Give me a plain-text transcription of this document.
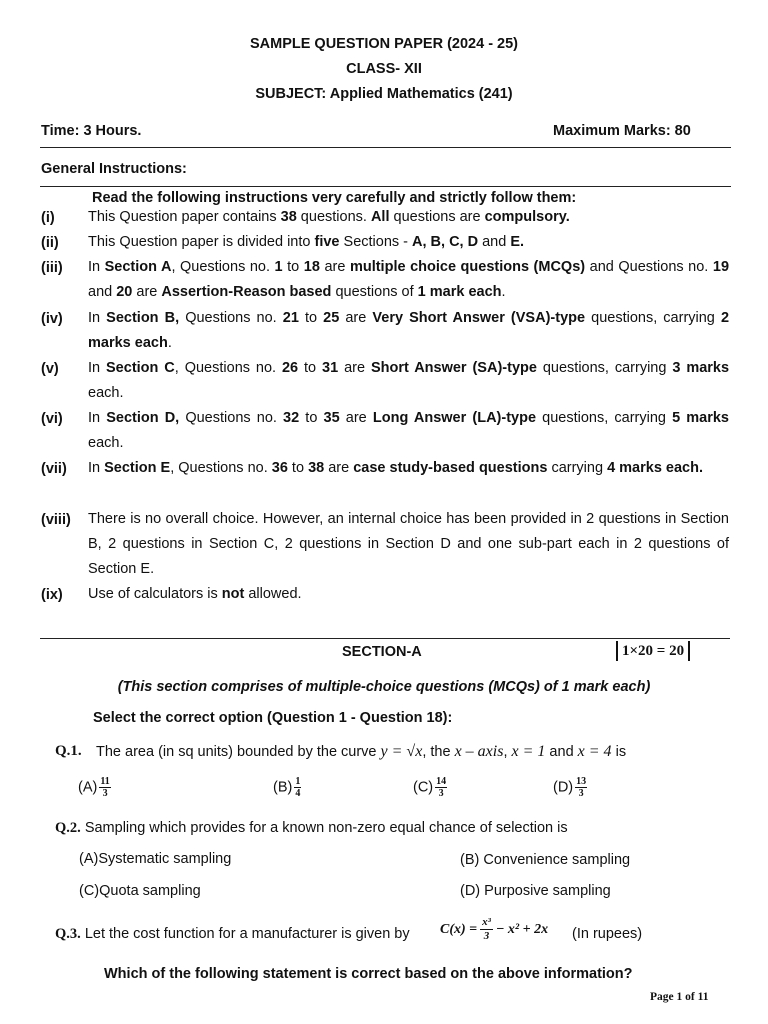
SAMPLE QUESTION PAPER (2024 - 25)
CLASS- XII
SUBJECT: Applied Mathematics (241)
Time: 3 Hours.	Maximum Marks: 80
General Instructions:
Read the following instructions very carefully and strictly follow them:
(i) This Question paper contains 38 questions. All questions are compulsory.
(ii) This Question paper is divided into five Sections - A, B, C, D and E.
(iii) In Section A, Questions no. 1 to 18 are multiple choice questions (MCQs) and Questions no. 19 and 20 are Assertion-Reason based questions of 1 mark each.
(iv) In Section B, Questions no. 21 to 25 are Very Short Answer (VSA)-type questions, carrying 2 marks each.
(v) In Section C, Questions no. 26 to 31 are Short Answer (SA)-type questions, carrying 3 marks each.
(vi) In Section D, Questions no. 32 to 35 are Long Answer (LA)-type questions, carrying 5 marks each.
(vii) In Section E, Questions no. 36 to 38 are case study-based questions carrying 4 marks each.
(viii) There is no overall choice. However, an internal choice has been provided in 2 questions in Section B, 2 questions in Section C, 2 questions in Section D and one sub-part each in 2 questions of Section E.
(ix) Use of calculators is not allowed.
SECTION-A	1×20 = 20
(This section comprises of multiple-choice questions (MCQs) of 1 mark each)
Select the correct option (Question 1 - Question 18):
Q.1. The area (in sq units) bounded by the curve y = √x, the x – axis, x = 1 and x = 4 is
$(A) \frac{11}{3}$	$(B) \frac{1}{4}$	$(C) \frac{14}{3}$	$(D) \frac{13}{3}$
Q.2. Sampling which provides for a known non-zero equal chance of selection is
(A)Systematic sampling	(B) Convenience sampling
(C)Quota sampling	(D) Purposive sampling
Q.3. Let the cost function for a manufacturer is given by $C(x) = \frac{\text{x³}}{3} - x^2 + 2x$ (In rupees)
Which of the following statement is correct based on the above information?
Page 1 of 11
